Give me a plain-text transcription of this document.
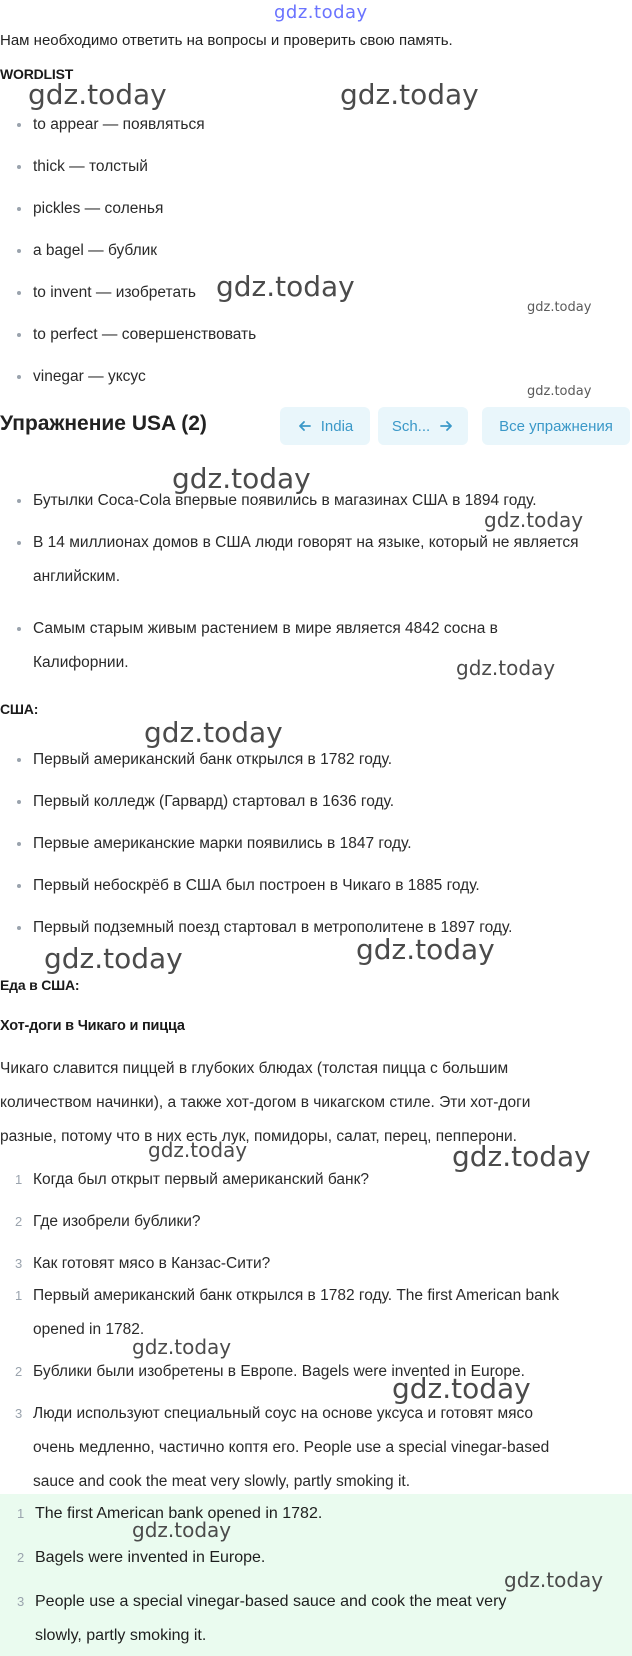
gdz.today
Нам необходимо ответить на вопросы и проверить свою память.
WORDLIST
to appear — появляться
thick — толстый
pickles — соленья
a bagel — бублик
to invent — изобретать
to perfect — совершенствовать
vinegar — уксус
Упражнение USA (2)	India	Sch...	Все упражнения
Бутылки Coca-Cola впервые появились в магазинах США в 1894 году.
В 14 миллионах домов в США люди говорят на языке, который не является
Самым старым живым растением в мире является 4842 сосна в
английским.
Калифорнии.
США:
Первый американский банк открылся в 1782 году.
Первый колледж (Гарвард) стартовал в 1636 году.
Первые американские марки появились в 1847 году.
Первый небоскрёб в США был построен в Чикаго в 1885 году.
Первый подземный поезд стартовал в метрополитене в 1897 году.
Еда в США:
Хот-доги в Чикаго и пицца
Чикаго славится пиццей в глубоких блюдах (толстая пицца с большим
количеством начинки), а также хот-догом в чикагском стиле. Эти хот-доги
разные, потому что в них есть лук, помидоры, салат, перец, пепперони.
1 Когда был открыт первый американский банк?
2 Где изобрели бублики?
3 Как готовят мясо в Канзас-Сити?
1 Первый американский банк открылся в 1782 году. The first American bank
opened in 1782.
2 Бублики были изобретены в Европе. Bagels were invented in Europe.
3 Люди используют специальный соус на основе уксуса и готовят мясо
очень медленно, частично коптя его. People use a special vinegar-based
sauce and cook the meat very slowly, partly smoking it.
1 The first American bank opened in 1782.
2 Bagels were invented in Europe.
3 People use a special vinegar-based sauce and cook the meat very
slowly, partly smoking it.
gdz.today	gdz.today
gdz.today
gdz.today
gdz.today
gdz.today
gdz.today
gdz.today
gdz.today
gdz.today	gdz.today
gdz.today	gdz.today
gdz.today
gdz.today
gdz.today
gdz.today
